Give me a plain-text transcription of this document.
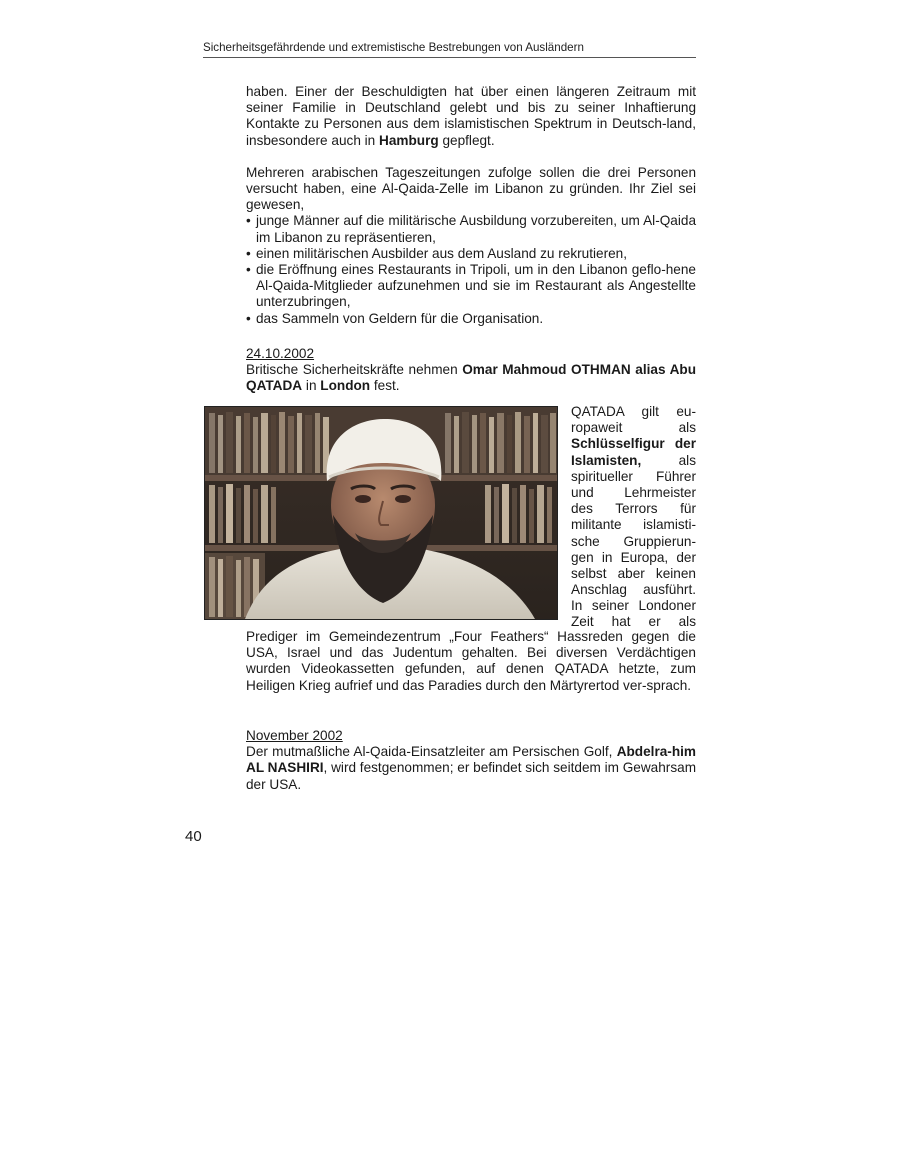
Sicherheitsgefährdende und extremistische Bestrebungen von Ausländern

haben. Einer der Beschuldigten hat über einen längeren Zeitraum mit seiner Familie in Deutschland gelebt und bis zu seiner Inhaftierung Kontakte zu Personen aus dem islamistischen Spektrum in Deutsch-land, insbesondere auch in Hamburg gepflegt.

Mehreren arabischen Tageszeitungen zufolge sollen die drei Personen versucht haben, eine Al-Qaida-Zelle im Libanon zu gründen. Ihr Ziel sei gewesen,

• junge Männer auf die militärische Ausbildung vorzubereiten, um Al-Qaida im Libanon zu repräsentieren,
• einen militärischen Ausbilder aus dem Ausland zu rekrutieren,
• die Eröffnung eines Restaurants in Tripoli, um in den Libanon geflo-hene Al-Qaida-Mitglieder aufzunehmen und sie im Restaurant als Angestellte unterzubringen,
• das Sammeln von Geldern für die Organisation.

24.10.2002

Britische Sicherheitskräfte nehmen Omar Mahmoud OTHMAN alias Abu QATADA in London fest.

QATADA gilt eu-
ropaweit als
Schlüsselfigur der
Islamisten, als
spiritueller Führer
und Lehrmeister
des Terrors für
militante islamisti-
sche Gruppierun-
gen in Europa, der
selbst aber keinen
Anschlag ausführt.
In seiner Londoner
Zeit hat er als

Prediger im Gemeindezentrum „Four Feathers“ Hassreden gegen die USA, Israel und das Judentum gehalten. Bei diversen Verdächtigen wurden Videokassetten gefunden, auf denen QATADA hetzte, zum Heiligen Krieg aufrief und das Paradies durch den Märtyrertod ver-sprach.

November 2002

Der mutmaßliche Al-Qaida-Einsatzleiter am Persischen Golf, Abdelra-him AL NASHIRI, wird festgenommen; er befindet sich seitdem im Gewahrsam der USA.

40
